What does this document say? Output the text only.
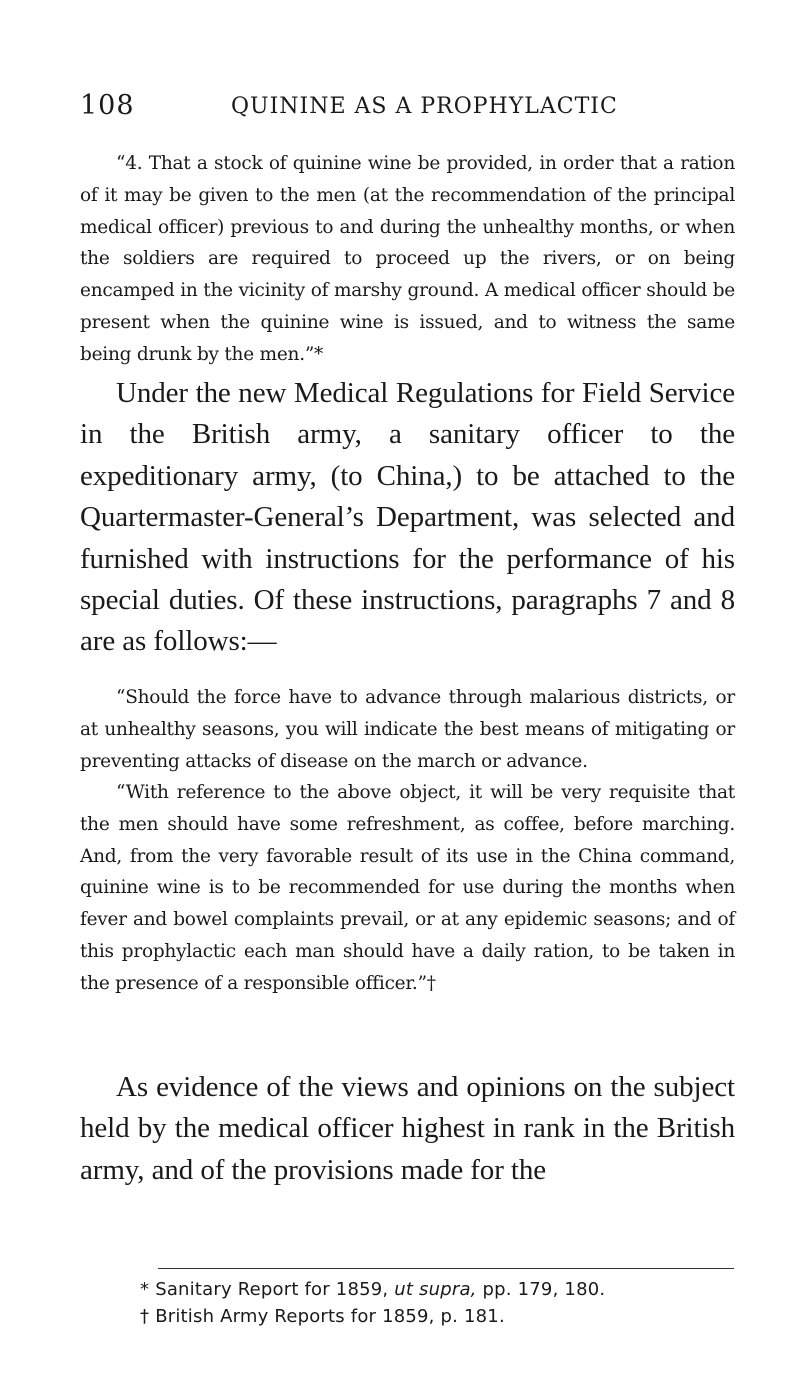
108	QUININE AS A PROPHYLACTIC

“4. That a stock of quinine wine be provided, in order that a ration of it may be given to the men (at the recommendation of the principal medical officer) previous to and during the unhealthy months, or when the soldiers are required to proceed up the rivers, or on being encamped in the vicinity of marshy ground. A medical officer should be present when the quinine wine is issued, and to witness the same being drunk by the men.”*

Under the new Medical Regulations for Field Service in the British army, a sanitary officer to the expeditionary army, (to China,) to be attached to the Quartermaster-General’s Department, was selected and furnished with instructions for the performance of his special duties. Of these instructions, paragraphs 7 and 8 are as follows:—

“Should the force have to advance through malarious districts, or at unhealthy seasons, you will indicate the best means of mitigating or preventing attacks of disease on the march or advance.

“With reference to the above object, it will be very requisite that the men should have some refreshment, as coffee, before marching. And, from the very favorable result of its use in the China command, quinine wine is to be recommended for use during the months when fever and bowel complaints prevail, or at any epidemic seasons; and of this prophylactic each man should have a daily ration, to be taken in the presence of a responsible officer.”†

As evidence of the views and opinions on the subject held by the medical officer highest in rank in the British army, and of the provisions made for the

* Sanitary Report for 1859, ut supra, pp. 179, 180.
† British Army Reports for 1859, p. 181.
